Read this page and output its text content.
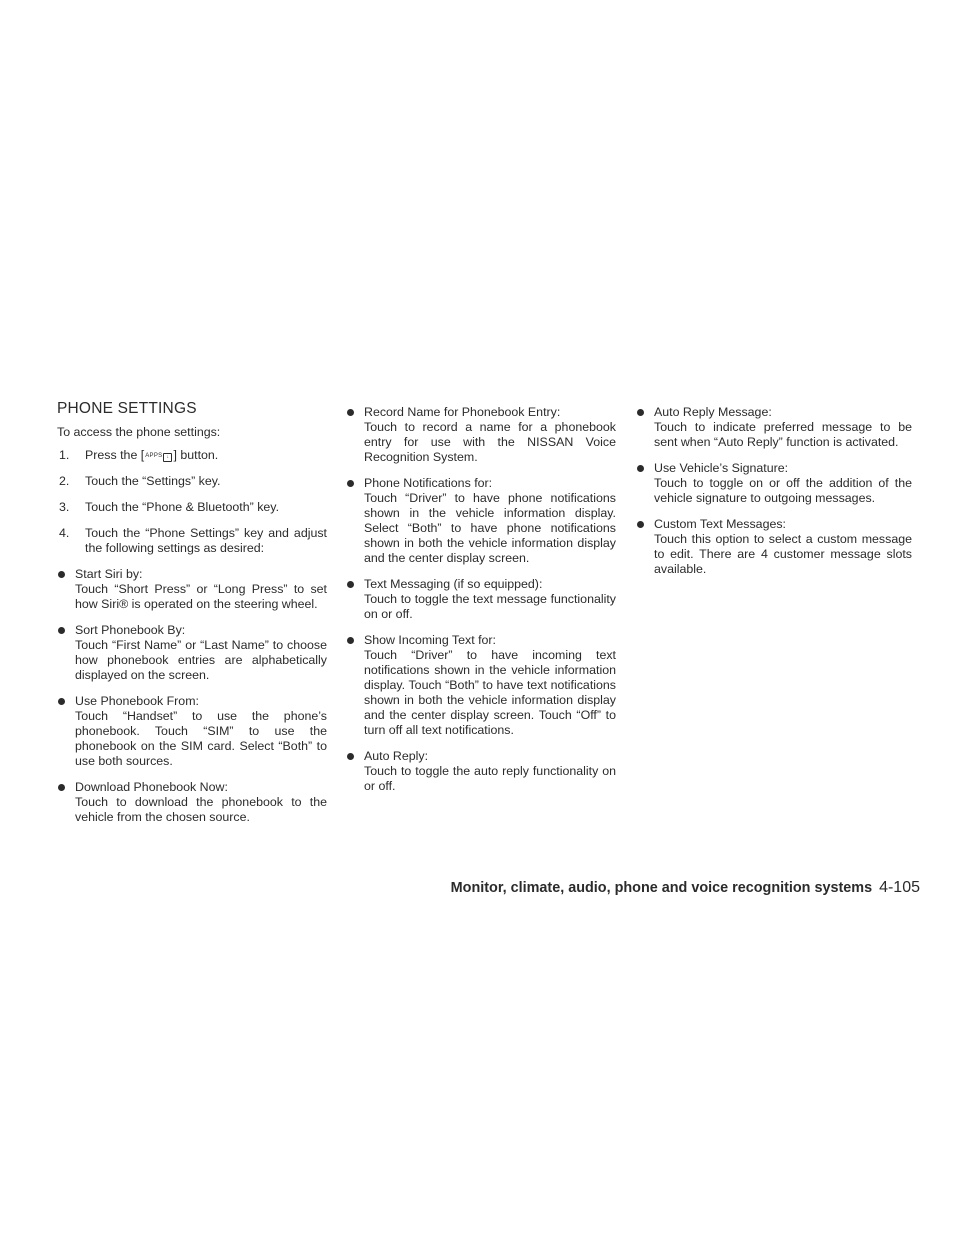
PHONE SETTINGS

To access the phone settings:

1. Press the [APPS ↓ ] button.
2. Touch the “Settings” key.
3. Touch the “Phone & Bluetooth” key.
4. Touch the “Phone Settings” key and adjust the following settings as desired:
Start Siri by:
Touch “Short Press” or “Long Press” to set how Siri® is operated on the steering wheel.
Sort Phonebook By:
Touch “First Name” or “Last Name” to choose how phonebook entries are alphabetically displayed on the screen.
Use Phonebook From:
Touch “Handset” to use the phone’s phonebook. Touch “SIM” to use the phonebook on the SIM card. Select “Both” to use both sources.
Download Phonebook Now:
Touch to download the phonebook to the vehicle from the chosen source.
Record Name for Phonebook Entry:
Touch to record a name for a phonebook entry for use with the NISSAN Voice Recognition System.
Phone Notifications for:
Touch “Driver” to have phone notifications shown in the vehicle information display. Select “Both” to have phone notifications shown in both the vehicle information display and the center display screen.
Text Messaging (if so equipped):
Touch to toggle the text message functionality on or off.
Show Incoming Text for:
Touch “Driver” to have incoming text notifications shown in the vehicle information display. Touch “Both” to have text notifications shown in both the vehicle information display and the center display screen. Touch “Off” to turn off all text notifications.
Auto Reply:
Touch to toggle the auto reply functionality on or off.
Auto Reply Message:
Touch to indicate preferred message to be sent when “Auto Reply” function is activated.
Use Vehicle’s Signature:
Touch to toggle on or off the addition of the vehicle signature to outgoing messages.
Custom Text Messages:
Touch this option to select a custom message to edit. There are 4 customer message slots available.
Monitor, climate, audio, phone and voice recognition systems 4-105
